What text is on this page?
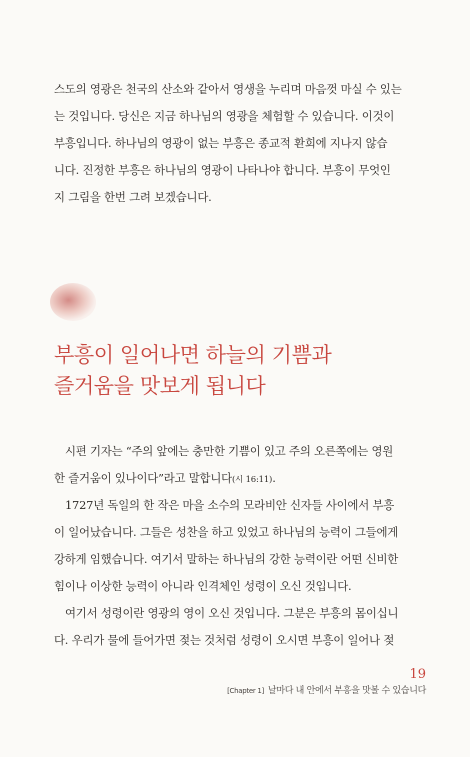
스도의 영광은 천국의 산소와 같아서 영생을 누리며 마음껏 마실 수 있는
는 것입니다. 당신은 지금 하나님의 영광을 체험할 수 있습니다. 이것이
부흥입니다. 하나님의 영광이 없는 부흥은 종교적 환희에 지나지 않습
니다. 진정한 부흥은 하나님의 영광이 나타나야 합니다. 부흥이 무엇인
지 그림을 한번 그려 보겠습니다.
부흥이 일어나면 하늘의 기쁨과
즐거움을 맛보게 됩니다
시편 기자는 “주의 앞에는 충만한 기쁨이 있고 주의 오른쪽에는 영원
한 즐거움이 있나이다”라고 말합니다(시 16:11).
1727년 독일의 한 작은 마을 소수의 모라비안 신자들 사이에서 부흥
이 일어났습니다. 그들은 성찬을 하고 있었고 하나님의 능력이 그들에게
강하게 임했습니다. 여기서 말하는 하나님의 강한 능력이란 어떤 신비한
힘이나 이상한 능력이 아니라 인격체인 성령이 오신 것입니다.
여기서 성령이란 영광의 영이 오신 것입니다. 그분은 부흥의 몸이십니
다. 우리가 물에 들어가면 젖는 것처럼 성령이 오시면 부흥이 일어나 젖
19
[Chapter 1] 날마다 내 안에서 부흥을 맛볼 수 있습니다
